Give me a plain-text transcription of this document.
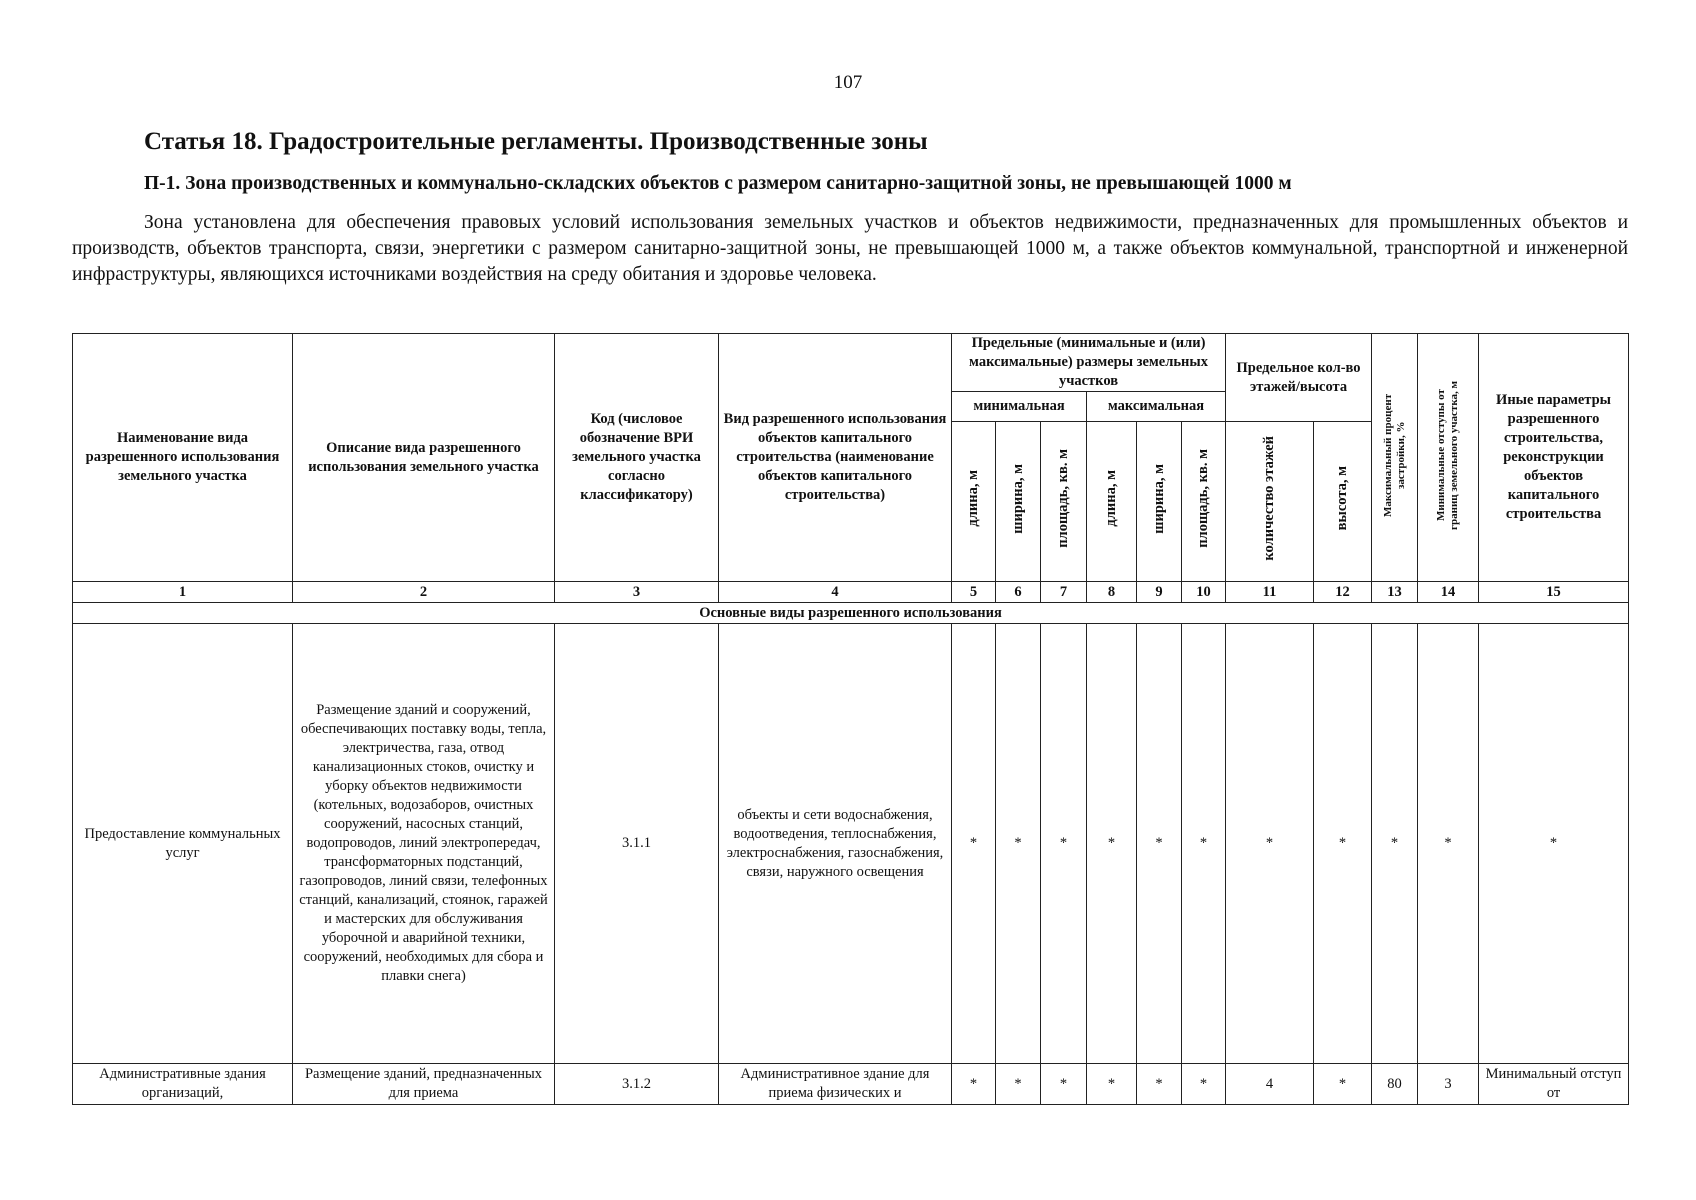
107
Статья 18. Градостроительные регламенты. Производственные зоны
П-1. Зона производственных и коммунально-складских объектов с размером санитарно-защитной зоны, не превышающей 1000 м

Зона установлена для обеспечения правовых условий использования земельных участков и объектов недвижимости, предназначенных для промышленных объектов и производств, объектов транспорта, связи, энергетики с размером санитарно-защитной зоны, не превышающей 1000 м, а также объектов коммунальной, транспортной и инженерной инфраструктуры, являющихся источниками воздействия на среду обитания и здоровье человека.

Наименование вида разрешенного использования земельного участка	Описание вида разрешенного использования земельного участка	Код (числовое обозначение ВРИ земельного участка согласно классификатору)	Вид разрешенного использования объектов капитального строительства (наименование объектов капитального строительства)	Предельные (минимальные и (или) максимальные) размеры земельных участков						Предельное кол-во этажей/высота		Максимальный процент застройки, %	Минимальные отступы от границ земельного участка, м	Иные параметры разрешенного строительства, реконструкции объектов капитального строительства
				минимальная			максимальная							
				длина, м	ширина, м	площадь, кв. м	длина, м	ширина, м	площадь, кв. м	количество этажей	высота, м			
1	2	3	4	5	6	7	8	9	10	11	12	13	14	15
Основные виды разрешенного использования														
Предоставление коммунальных услуг	Размещение зданий и сооружений, обеспечивающих поставку воды, тепла, электричества, газа, отвод канализационных стоков, очистку и уборку объектов недвижимости (котельных, водозаборов, очистных сооружений, насосных станций, водопроводов, линий электропередач, трансформаторных подстанций, газопроводов, линий связи, телефонных станций, канализаций, стоянок, гаражей и мастерских для обслуживания уборочной и аварийной техники, сооружений, необходимых для сбора и плавки снега)	3.1.1	объекты и сети водоснабжения, водоотведения, теплоснабжения, электроснабжения, газоснабжения, связи, наружного освещения	*	*	*	*	*	*	*	*	*	*	*

Административные здания организаций,	Размещение зданий, предназначенных для приема	3.1.2	Административное здание для приема физических и	*	*	*	*	*	*	4	*	80	3	Минимальный отступ от
